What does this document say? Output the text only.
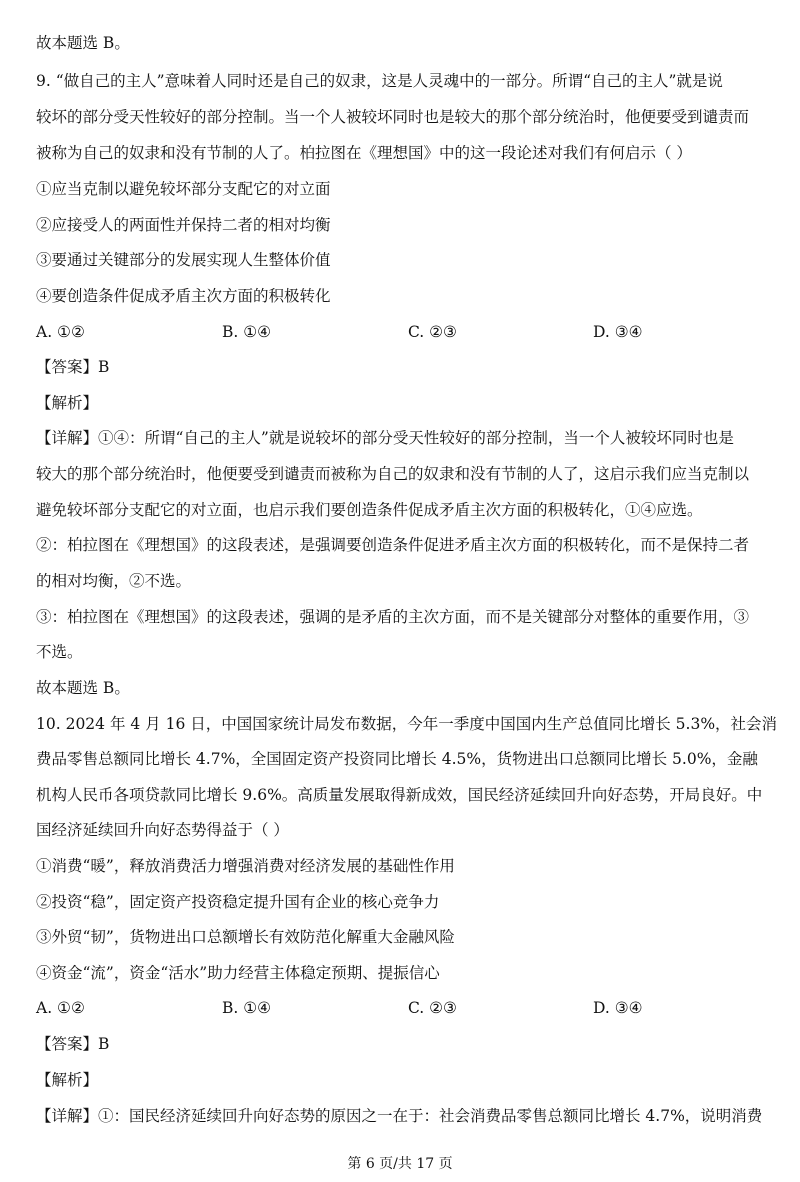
故本题选 B。
9. “做自己的主人”意味着人同时还是自己的奴隶，这是人灵魂中的一部分。所谓“自己的主人”就是说
较坏的部分受天性较好的部分控制。当一个人被较坏同时也是较大的那个部分统治时，他便要受到谴责而
被称为自己的奴隶和没有节制的人了。柏拉图在《理想国》中的这一段论述对我们有何启示（ ）
①应当克制以避免较坏部分支配它的对立面
②应接受人的两面性并保持二者的相对均衡
③要通过关键部分的发展实现人生整体价值
④要创造条件促成矛盾主次方面的积极转化
A. ①②	B. ①④	C. ②③	D. ③④
【答案】B
【解析】
【详解】①④：所谓“自己的主人”就是说较坏的部分受天性较好的部分控制，当一个人被较坏同时也是
较大的那个部分统治时，他便要受到谴责而被称为自己的奴隶和没有节制的人了，这启示我们应当克制以
避免较坏部分支配它的对立面，也启示我们要创造条件促成矛盾主次方面的积极转化，①④应选。
②：柏拉图在《理想国》的这段表述，是强调要创造条件促进矛盾主次方面的积极转化，而不是保持二者
的相对均衡，②不选。
③：柏拉图在《理想国》的这段表述，强调的是矛盾的主次方面，而不是关键部分对整体的重要作用，③
不选。
故本题选 B。
10. 2024 年 4 月 16 日，中国国家统计局发布数据，今年一季度中国国内生产总值同比增长 5.3%，社会消
费品零售总额同比增长 4.7%，全国固定资产投资同比增长 4.5%，货物进出口总额同比增长 5.0%，金融
机构人民币各项贷款同比增长 9.6%。高质量发展取得新成效，国民经济延续回升向好态势，开局良好。中
国经济延续回升向好态势得益于（ ）
①消费“暖”，释放消费活力增强消费对经济发展的基础性作用
②投资“稳”，固定资产投资稳定提升国有企业的核心竞争力
③外贸“韧”，货物进出口总额增长有效防范化解重大金融风险
④资金“流”，资金“活水”助力经营主体稳定预期、提振信心
A. ①②	B. ①④	C. ②③	D. ③④
【答案】B
【解析】
【详解】①：国民经济延续回升向好态势的原因之一在于：社会消费品零售总额同比增长 4.7%，说明消费
第 6 页/共 17 页
